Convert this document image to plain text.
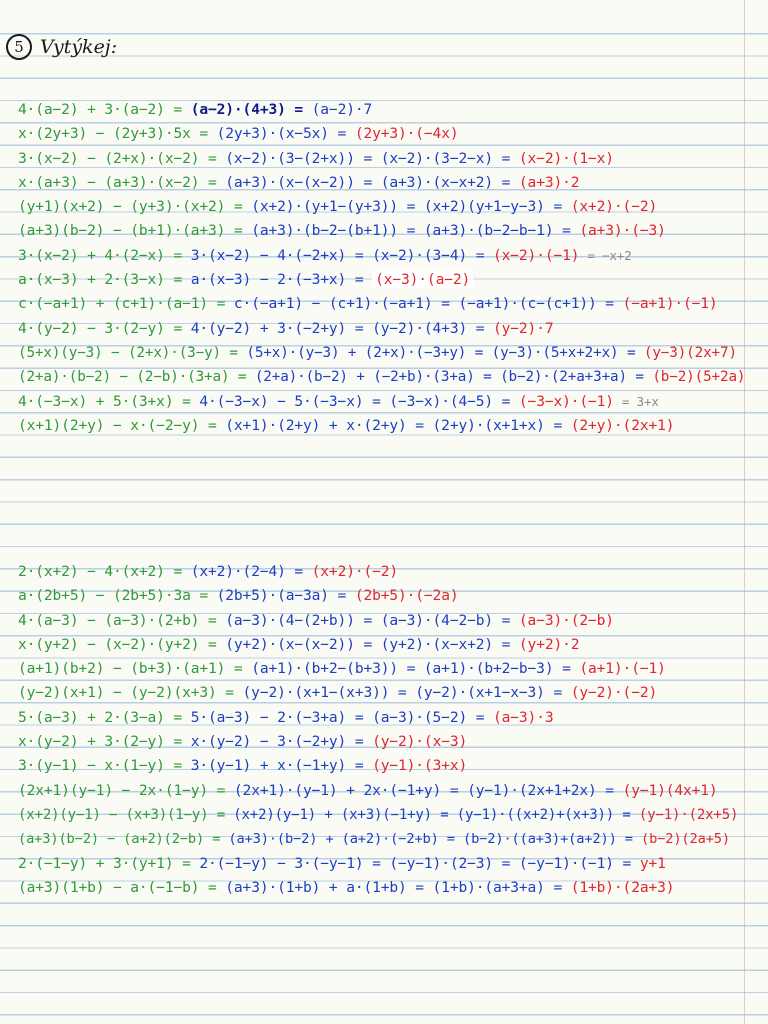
5 Vytýkej:
4·(a−2) + 3·(a−2) = (a−2)·(4+3) = (a−2)·7
x·(2y+3) − (2y+3)·5x = (2y+3)·(x−5x) = (2y+3)·(−4x)
3·(x−2) − (2+x)·(x−2) = (x−2)·(3−(2+x)) = (x−2)·(3−2−x) = (x−2)·(1−x)
x·(a+3) − (a+3)·(x−2) = (a+3)·(x−(x−2)) = (a+3)·(x−x+2) = (a+3)·2
(y+1)(x+2) − (y+3)·(x+2) = (x+2)·(y+1−(y+3)) = (x+2)(y+1−y−3) = (x+2)·(−2)
(a+3)(b−2) − (b+1)·(a+3) = (a+3)·(b−2−(b+1)) = (a+3)·(b−2−b−1) = (a+3)·(−3)
3·(x−2) + 4·(2−x) = 3·(x−2) − 4·(−2+x) = (x−2)·(3−4) = (x−2)·(−1) = −x+2
a·(x−3) + 2·(3−x) = a·(x−3) − 2·(−3+x) = (x−3)·(a−2)
c·(−a+1) + (c+1)·(a−1) = c·(−a+1) − (c+1)·(−a+1) = (−a+1)·(c−(c+1)) = (−a+1)·(−1)
4·(y−2) − 3·(2−y) = 4·(y−2) + 3·(−2+y) = (y−2)·(4+3) = (y−2)·7
(5+x)(y−3) − (2+x)·(3−y) = (5+x)·(y−3) + (2+x)·(−3+y) = (y−3)·(5+x+2+x) = (y−3)(2x+7)
(2+a)·(b−2) − (2−b)·(3+a) = (2+a)·(b−2) + (−2+b)·(3+a) = (b−2)·(2+a+3+a) = (b−2)(5+2a)
4·(−3−x) + 5·(3+x) = 4·(−3−x) − 5·(−3−x) = (−3−x)·(4−5) = (−3−x)·(−1) = 3+x
(x+1)(2+y) − x·(−2−y) = (x+1)·(2+y) + x·(2+y) = (2+y)·(x+1+x) = (2+y)·(2x+1)
2·(x+2) − 4·(x+2) = (x+2)·(2−4) = (x+2)·(−2)
a·(2b+5) − (2b+5)·3a = (2b+5)·(a−3a) = (2b+5)·(−2a)
4·(a−3) − (a−3)·(2+b) = (a−3)·(4−(2+b)) = (a−3)·(4−2−b) = (a−3)·(2−b)
x·(y+2) − (x−2)·(y+2) = (y+2)·(x−(x−2)) = (y+2)·(x−x+2) = (y+2)·2
(a+1)(b+2) − (b+3)·(a+1) = (a+1)·(b+2−(b+3)) = (a+1)·(b+2−b−3) = (a+1)·(−1)
(y−2)(x+1) − (y−2)(x+3) = (y−2)·(x+1−(x+3)) = (y−2)·(x+1−x−3) = (y−2)·(−2)
5·(a−3) + 2·(3−a) = 5·(a−3) − 2·(−3+a) = (a−3)·(5−2) = (a−3)·3
x·(y−2) + 3·(2−y) = x·(y−2) − 3·(−2+y) = (y−2)·(x−3)
3·(y−1) − x·(1−y) = 3·(y−1) + x·(−1+y) = (y−1)·(3+x)
(2x+1)(y−1) − 2x·(1−y) = (2x+1)·(y−1) + 2x·(−1+y) = (y−1)·(2x+1+2x) = (y−1)(4x+1)
(x+2)(y−1) − (x+3)(1−y) = (x+2)(y−1) + (x+3)(−1+y) = (y−1)·((x+2)+(x+3)) = (y−1)·(2x+5)
(a+3)(b−2) − (a+2)(2−b) = (a+3)·(b−2) + (a+2)·(−2+b) = (b−2)·((a+3)+(a+2)) = (b−2)(2a+5)
2·(−1−y) + 3·(y+1) = 2·(−1−y) − 3·(−y−1) = (−y−1)·(2−3) = (−y−1)·(−1) = y+1
(a+3)(1+b) − a·(−1−b) = (a+3)·(1+b) + a·(1+b) = (1+b)·(a+3+a) = (1+b)·(2a+3)
